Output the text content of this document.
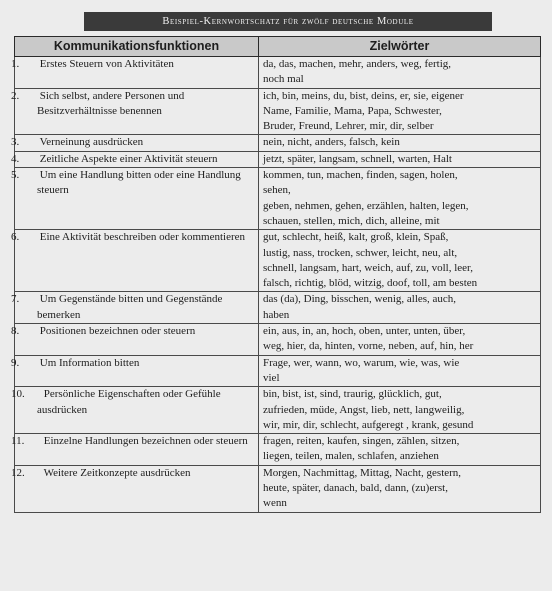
Beispiel-Kernwortschatz für zwölf deutsche Module
Kommunikationsfunktionen	Zielwörter
1. Erstes Steuern von Aktivitäten	da, das, machen, mehr, anders, weg, fertig,
noch mal

2. Sich selbst, andere Personen und Besitzverhältnisse benennen	ich, bin, meins, du, bist, deins, er, sie, eigener
Name, Familie, Mama, Papa, Schwester,
Bruder, Freund, Lehrer, mir, dir, selber

3. Verneinung ausdrücken	nein, nicht, anders, falsch, kein

4. Zeitliche Aspekte einer Aktivität steuern	jetzt, später, langsam, schnell, warten, Halt

5. Um eine Handlung bitten oder eine Handlung steuern	kommen, tun, machen, finden, sagen, holen,
sehen,
geben, nehmen, gehen, erzählen, halten, legen,
schauen, stellen, mich, dich, alleine, mit

6. Eine Aktivität beschreiben oder kommentieren	gut, schlecht, heiß, kalt, groß, klein, Spaß,
lustig, nass, trocken, schwer, leicht, neu, alt,
schnell, langsam, hart, weich, auf, zu, voll, leer,
falsch, richtig, blöd, witzig, doof, toll, am besten

7. Um Gegenstände bitten und Gegenstände bemerken	das (da), Ding, bisschen, wenig, alles, auch,
haben

8. Positionen bezeichnen oder steuern	ein, aus, in, an, hoch, oben, unter, unten, über,
weg, hier, da, hinten, vorne, neben, auf, hin, her

9. Um Information bitten	Frage, wer, wann, wo, warum, wie, was, wie
viel

10. Persönliche Eigenschaften oder Gefühle ausdrücken	bin, bist, ist, sind, traurig, glücklich, gut,
zufrieden, müde, Angst, lieb, nett, langweilig,
wir, mir, dir, schlecht, aufgeregt , krank, gesund

11. Einzelne Handlungen bezeichnen oder steuern	fragen, reiten, kaufen, singen, zählen, sitzen,
liegen, teilen, malen, schlafen, anziehen

12. Weitere Zeitkonzepte ausdrücken	Morgen, Nachmittag, Mittag, Nacht, gestern,
heute, später, danach, bald, dann, (zu)erst,
wenn
